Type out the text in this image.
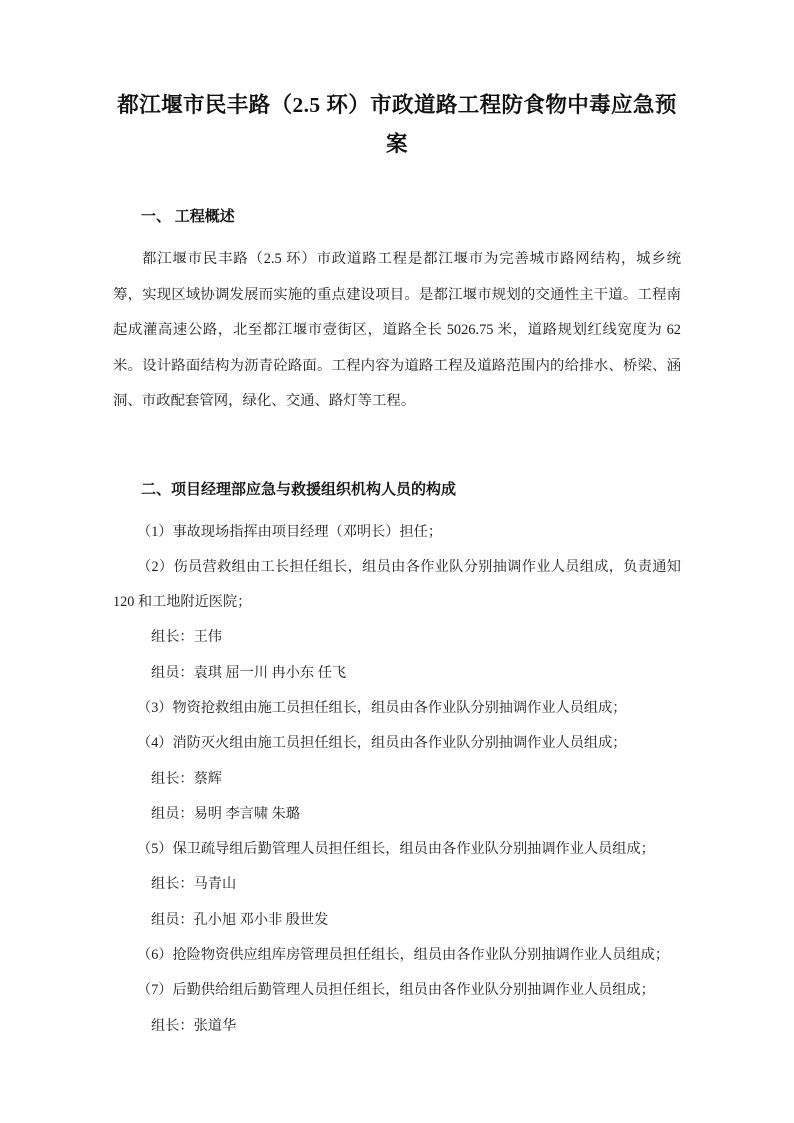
都江堰市民丰路（2.5 环）市政道路工程防食物中毒应急预案
一、 工程概述

都江堰市民丰路（2.5 环）市政道路工程是都江堰市为完善城市路网结构，城乡统筹，实现区域协调发展而实施的重点建设项目。是都江堰市规划的交通性主干道。工程南起成灌高速公路，北至都江堰市壹街区，道路全长 5026.75 米，道路规划红线宽度为 62 米。设计路面结构为沥青砼路面。工程内容为道路工程及道路范围内的给排水、桥梁、涵洞、市政配套管网，绿化、交通、路灯等工程。

二、项目经理部应急与救援组织机构人员的构成

（1）事故现场指挥由项目经理（邓明长）担任；

（2）伤员营救组由工长担任组长，组员由各作业队分别抽调作业人员组成，负责通知 120 和工地附近医院；

组长：王伟

组员：袁琪 屈一川 冉小东 任飞

（3）物资抢救组由施工员担任组长，组员由各作业队分别抽调作业人员组成；

（4）消防灭火组由施工员担任组长，组员由各作业队分别抽调作业人员组成；

组长：蔡辉

组员：易明 李言啸 朱璐

（5）保卫疏导组后勤管理人员担任组长，组员由各作业队分别抽调作业人员组成；

组长：马青山

组员：孔小旭 邓小非 殷世发

（6）抢险物资供应组库房管理员担任组长，组员由各作业队分别抽调作业人员组成；

（7）后勤供给组后勤管理人员担任组长，组员由各作业队分别抽调作业人员组成；

组长：张道华
